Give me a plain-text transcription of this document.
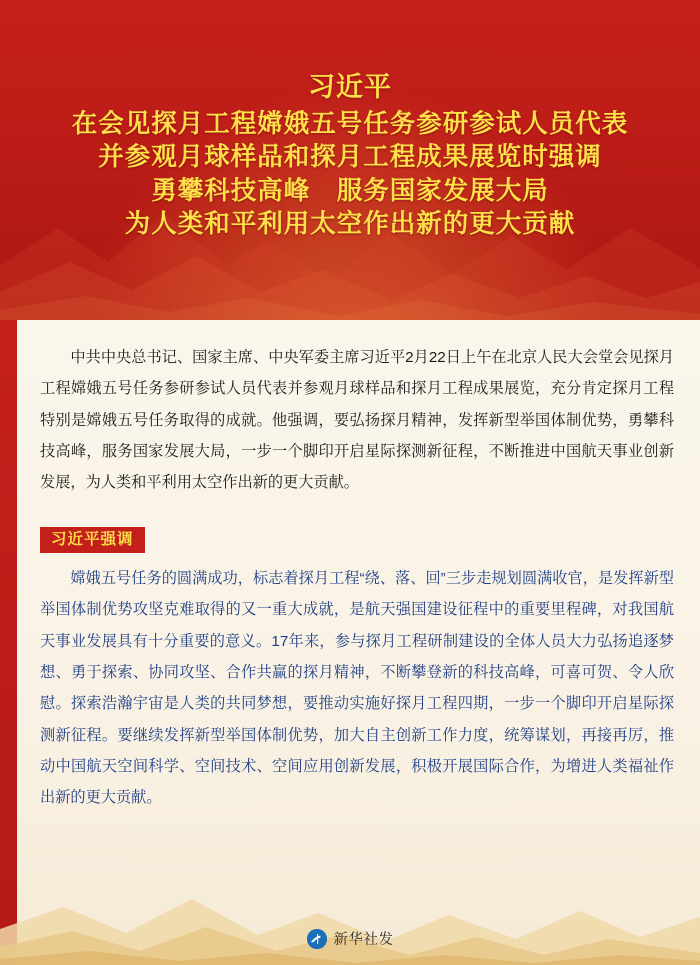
习近平
在会见探月工程嫦娥五号任务参研参试人员代表
并参观月球样品和探月工程成果展览时强调
勇攀科技高峰　服务国家发展大局
为人类和平利用太空作出新的更大贡献

中共中央总书记、国家主席、中央军委主席习近平2月22日上午在北京人民大会堂会见探月工程嫦娥五号任务参研参试人员代表并参观月球样品和探月工程成果展览，充分肯定探月工程特别是嫦娥五号任务取得的成就。他强调，要弘扬探月精神，发挥新型举国体制优势，勇攀科技高峰，服务国家发展大局，一步一个脚印开启星际探测新征程，不断推进中国航天事业创新发展，为人类和平利用太空作出新的更大贡献。

习近平强调

嫦娥五号任务的圆满成功，标志着探月工程“绕、落、回”三步走规划圆满收官，是发挥新型举国体制优势攻坚克难取得的又一重大成就，是航天强国建设征程中的重要里程碑，对我国航天事业发展具有十分重要的意义。17年来，参与探月工程研制建设的全体人员大力弘扬追逐梦想、勇于探索、协同攻坚、合作共赢的探月精神，不断攀登新的科技高峰，可喜可贺、令人欣慰。探索浩瀚宇宙是人类的共同梦想，要推动实施好探月工程四期，一步一个脚印开启星际探测新征程。要继续发挥新型举国体制优势，加大自主创新工作力度，统筹谋划，再接再厉，推动中国航天空间科学、空间技术、空间应用创新发展，积极开展国际合作，为增进人类福祉作出新的更大贡献。

新华社发
